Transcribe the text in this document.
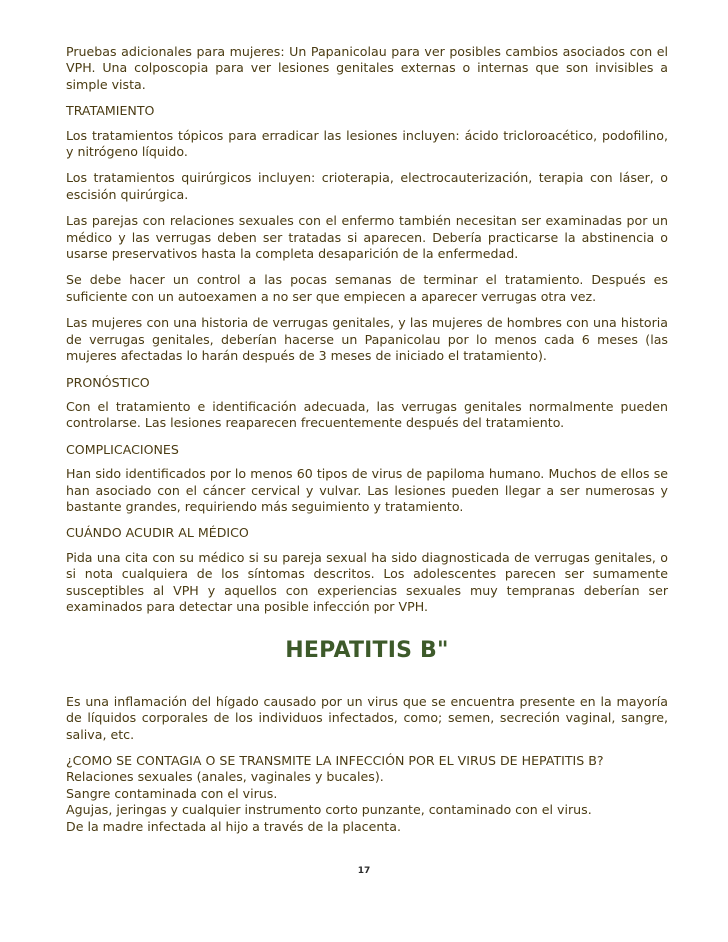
Pruebas adicionales para mujeres: Un Papanicolau para ver posibles cambios asociados con el VPH. Una colposcopia para ver lesiones genitales externas o internas que son invisibles a simple vista.

TRATAMIENTO

Los tratamientos tópicos para erradicar las lesiones incluyen: ácido tricloroacético, podofilino, y nitrógeno líquido.

Los tratamientos quirúrgicos incluyen: crioterapia, electrocauterización, terapia con láser, o escisión quirúrgica.

Las parejas con relaciones sexuales con el enfermo también necesitan ser examinadas por un médico y las verrugas deben ser tratadas si aparecen. Debería practicarse la abstinencia o usarse preservativos hasta la completa desaparición de la enfermedad.

Se debe hacer un control a las pocas semanas de terminar el tratamiento. Después es suficiente con un autoexamen a no ser que empiecen a aparecer verrugas otra vez.

Las mujeres con una historia de verrugas genitales, y las mujeres de hombres con una historia de verrugas genitales, deberían hacerse un Papanicolau por lo menos cada 6 meses (las mujeres afectadas lo harán después de 3 meses de iniciado el tratamiento).

PRONÓSTICO

Con el tratamiento e identificación adecuada, las verrugas genitales normalmente pueden controlarse. Las lesiones reaparecen frecuentemente después del tratamiento.

COMPLICACIONES

Han sido identificados por lo menos 60 tipos de virus de papiloma humano. Muchos de ellos se han asociado con el cáncer cervical y vulvar. Las lesiones pueden llegar a ser numerosas y bastante grandes, requiriendo más seguimiento y tratamiento.

CUÁNDO ACUDIR AL MÉDICO

Pida una cita con su médico si su pareja sexual ha sido diagnosticada de verrugas genitales, o si nota cualquiera de los síntomas descritos. Los adolescentes parecen ser sumamente susceptibles al VPH y aquellos con experiencias sexuales muy tempranas deberían ser examinados para detectar una posible infección por VPH.

HEPATITIS B"

Es una inflamación del hígado causado por un virus que se encuentra presente en la mayoría de líquidos corporales de los individuos infectados, como; semen, secreción vaginal, sangre, saliva, etc.

¿COMO SE CONTAGIA O SE TRANSMITE LA INFECCIÓN POR EL VIRUS DE HEPATITIS B?

Relaciones sexuales (anales, vaginales y bucales).

Sangre contaminada con el virus.

Agujas, jeringas y cualquier instrumento corto punzante, contaminado con el virus.

De la madre infectada al hijo a través de la placenta.

17
